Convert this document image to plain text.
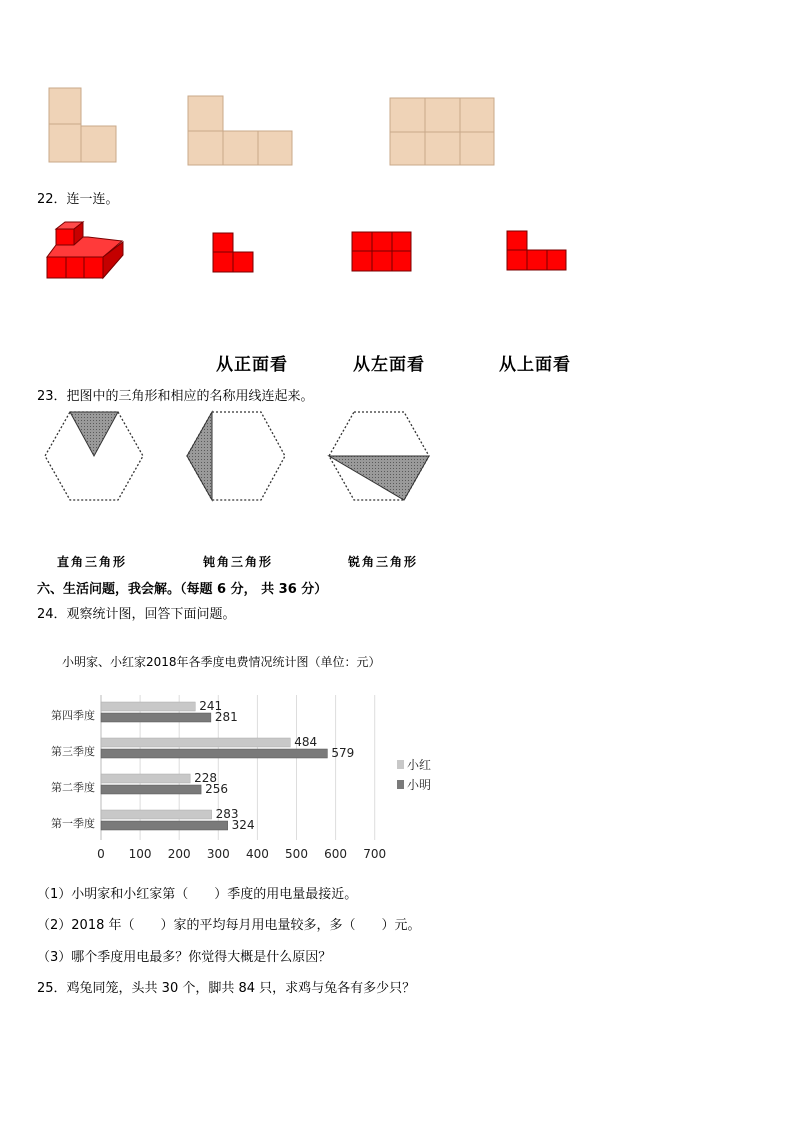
22．连一连。
从正面看	从左面看	从上面看
23．把图中的三角形和相应的名称用线连起来。
直角三角形	钝角三角形	锐角三角形
六、生活问题，我会解。（每题 6 分， 共 36 分）
24．观察统计图，回答下面问题。
小明家、小红家2018年各季度电费情况统计图（单位：元）
0 100 200 300 400 500 600 700
第一季度
283
324
第二季度
228
256
第三季度
484
579
第四季度
241
281
小红
小明
（1）小明家和小红家第（　　）季度的用电量最接近。
（2）2018 年（　　）家的平均每月用电量较多，多（　　）元。
（3）哪个季度用电最多？你觉得大概是什么原因？
25．鸡兔同笼，头共 30 个，脚共 84 只，求鸡与兔各有多少只？
